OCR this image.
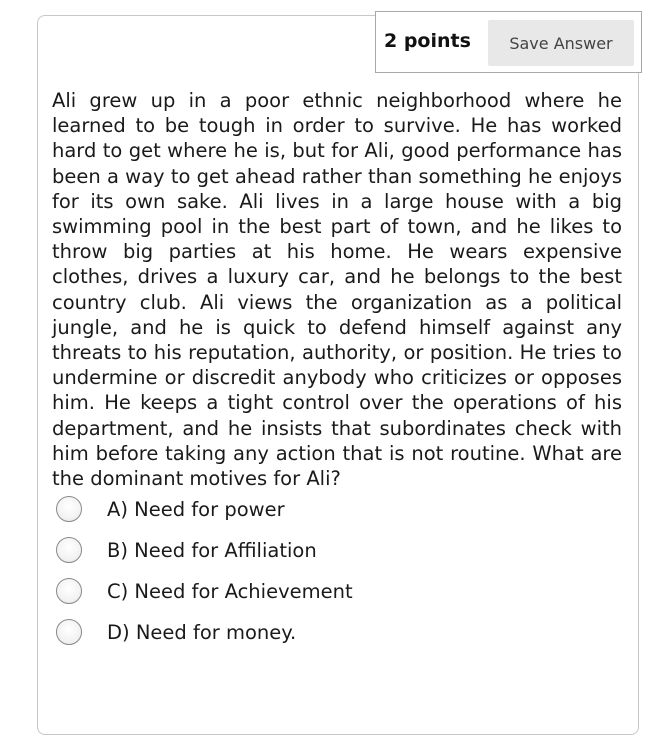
2 points	Save Answer

Ali grew up in a poor ethnic neighborhood where he learned to be tough in order to survive. He has worked hard to get where he is, but for Ali, good performance has been a way to get ahead rather than something he enjoys for its own sake. Ali lives in a large house with a big swimming pool in the best part of town, and he likes to throw big parties at his home. He wears expensive clothes, drives a luxury car, and he belongs to the best country club. Ali views the organization as a political jungle, and he is quick to defend himself against any threats to his reputation, authority, or position. He tries to undermine or discredit anybody who criticizes or opposes him. He keeps a tight control over the operations of his department, and he insists that subordinates check with him before taking any action that is not routine. What are the dominant motives for Ali?

A) Need for power
B) Need for Affiliation
C) Need for Achievement
D) Need for money.
